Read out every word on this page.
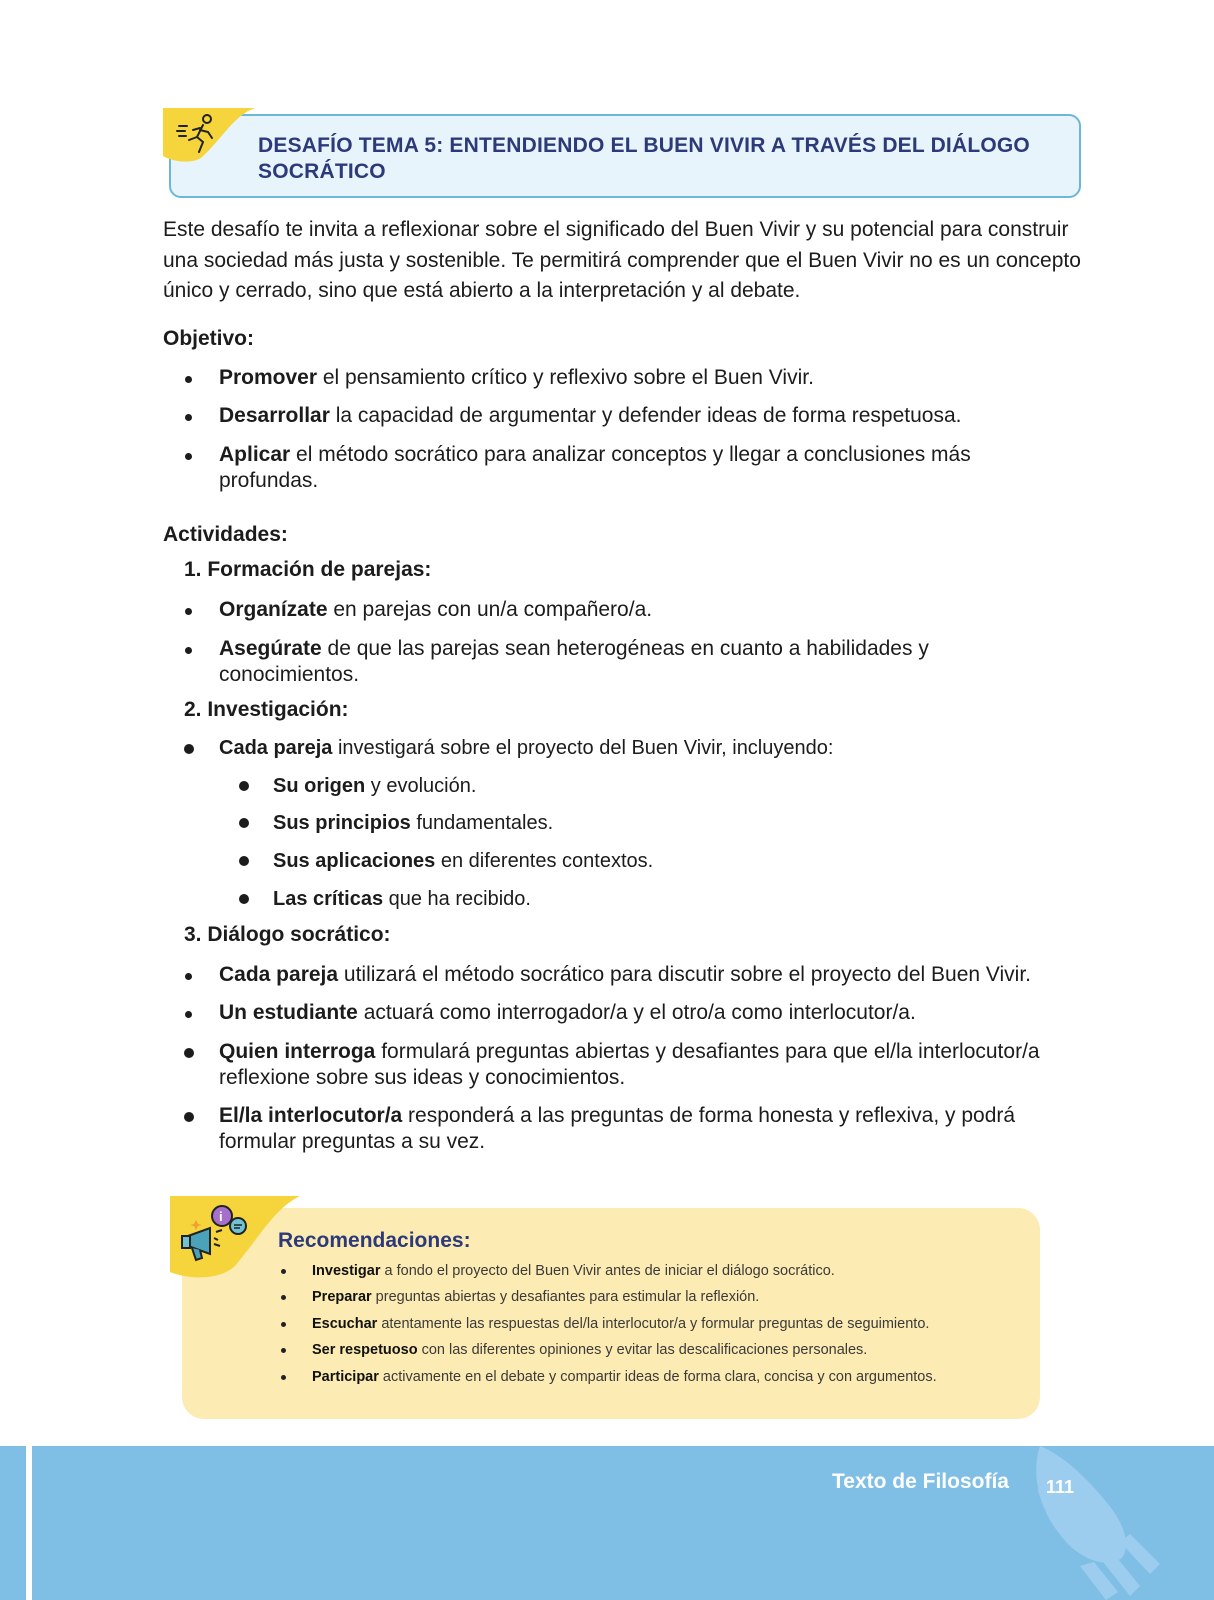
DESAFÍO TEMA 5: ENTENDIENDO EL BUEN VIVIR A TRAVÉS DEL DIÁLOGO SOCRÁTICO
Este desafío te invita a reflexionar sobre el significado del Buen Vivir y su potencial para construir una sociedad más justa y sostenible. Te permitirá comprender que el Buen Vivir no es un concepto único y cerrado, sino que está abierto a la interpretación y al debate.
Objetivo:
Promover el pensamiento crítico y reflexivo sobre el Buen Vivir.
Desarrollar la capacidad de argumentar y defender ideas de forma respetuosa.
Aplicar el método socrático para analizar conceptos y llegar a conclusiones más profundas.
Actividades:
1. Formación de parejas:
Organízate en parejas con un/a compañero/a.
Asegúrate de que las parejas sean heterogéneas en cuanto a habilidades y conocimientos.
2. Investigación:
Cada pareja investigará sobre el proyecto del Buen Vivir, incluyendo:
Su origen y evolución.
Sus principios fundamentales.
Sus aplicaciones en diferentes contextos.
Las críticas que ha recibido.
3. Diálogo socrático:
Cada pareja utilizará el método socrático para discutir sobre el proyecto del Buen Vivir.
Un estudiante actuará como interrogador/a y el otro/a como interlocutor/a.
Quien interroga formulará preguntas abiertas y desafiantes para que el/la interlocutor/a reflexione sobre sus ideas y conocimientos.
El/la interlocutor/a responderá a las preguntas de forma honesta y reflexiva, y podrá formular preguntas a su vez.
i
Recomendaciones:
Investigar a fondo el proyecto del Buen Vivir antes de iniciar el diálogo socrático.
Preparar preguntas abiertas y desafiantes para estimular la reflexión.
Escuchar atentamente las respuestas del/la interlocutor/a y formular preguntas de seguimiento.
Ser respetuoso con las diferentes opiniones y evitar las descalificaciones personales.
Participar activamente en el debate y compartir ideas de forma clara, concisa y con argumentos.
Texto de Filosofía	111
